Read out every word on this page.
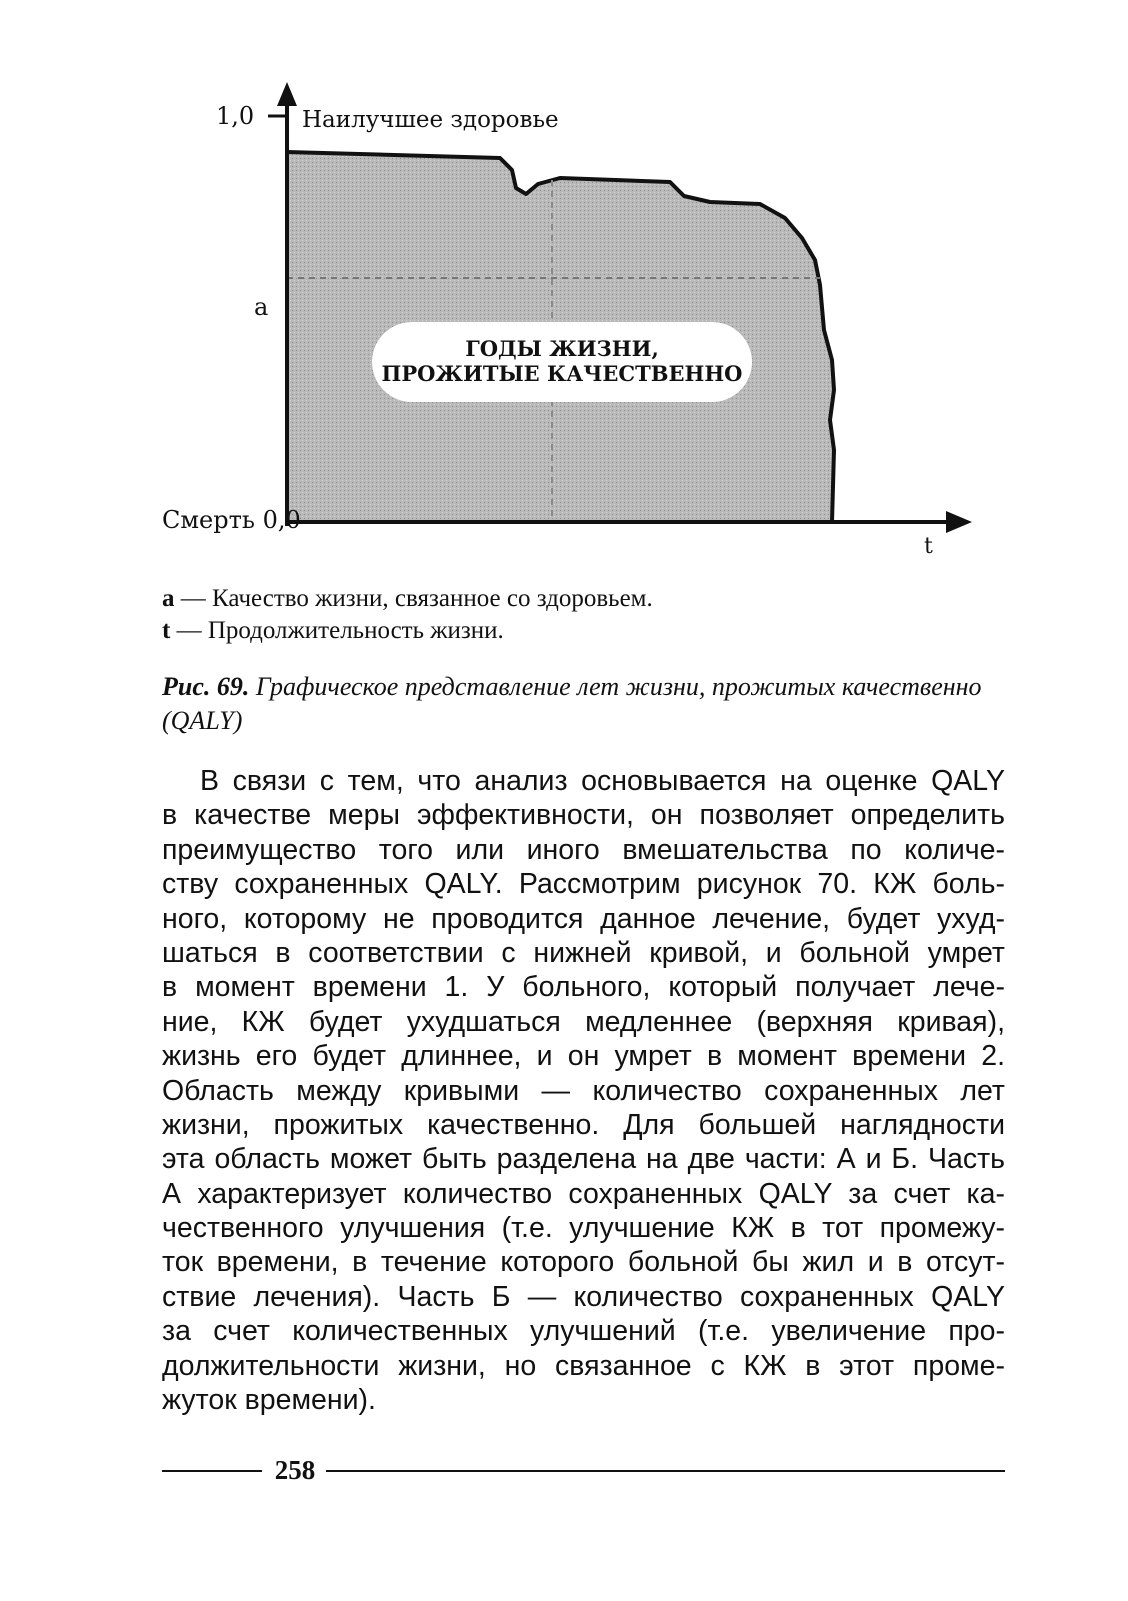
ГОДЫ ЖИЗНИ,
ПРОЖИТЫЕ КАЧЕСТВЕННО
1,0 Наилучшее здоровье
а
Смерть 0,0
t
а — Качество жизни, связанное со здоровьем.
t — Продолжительность жизни.
Рис. 69. Графическое представление лет жизни, прожитых качественно (QALY)
В связи с тем, что анализ основывается на оценке QALY
в качестве меры эффективности, он позволяет определить
преимущество того или иного вмешательства по количе-
ству сохраненных QALY. Рассмотрим рисунок 70. КЖ боль-
ного, которому не проводится данное лечение, будет ухуд-
шаться в соответствии с нижней кривой, и больной умрет
в момент времени 1. У больного, который получает лече-
ние, КЖ будет ухудшаться медленнее (верхняя кривая),
жизнь его будет длиннее, и он умрет в момент времени 2.
Область между кривыми — количество сохраненных лет
жизни, прожитых качественно. Для большей наглядности
эта область может быть разделена на две части: А и Б. Часть
А характеризует количество сохраненных QALY за счет ка-
чественного улучшения (т.е. улучшение КЖ в тот промежу-
ток времени, в течение которого больной бы жил и в отсут-
ствие лечения). Часть Б — количество сохраненных QALY
за счет количественных улучшений (т.е. увеличение про-
должительности жизни, но связанное с КЖ в этот проме-
жуток времени).
258
